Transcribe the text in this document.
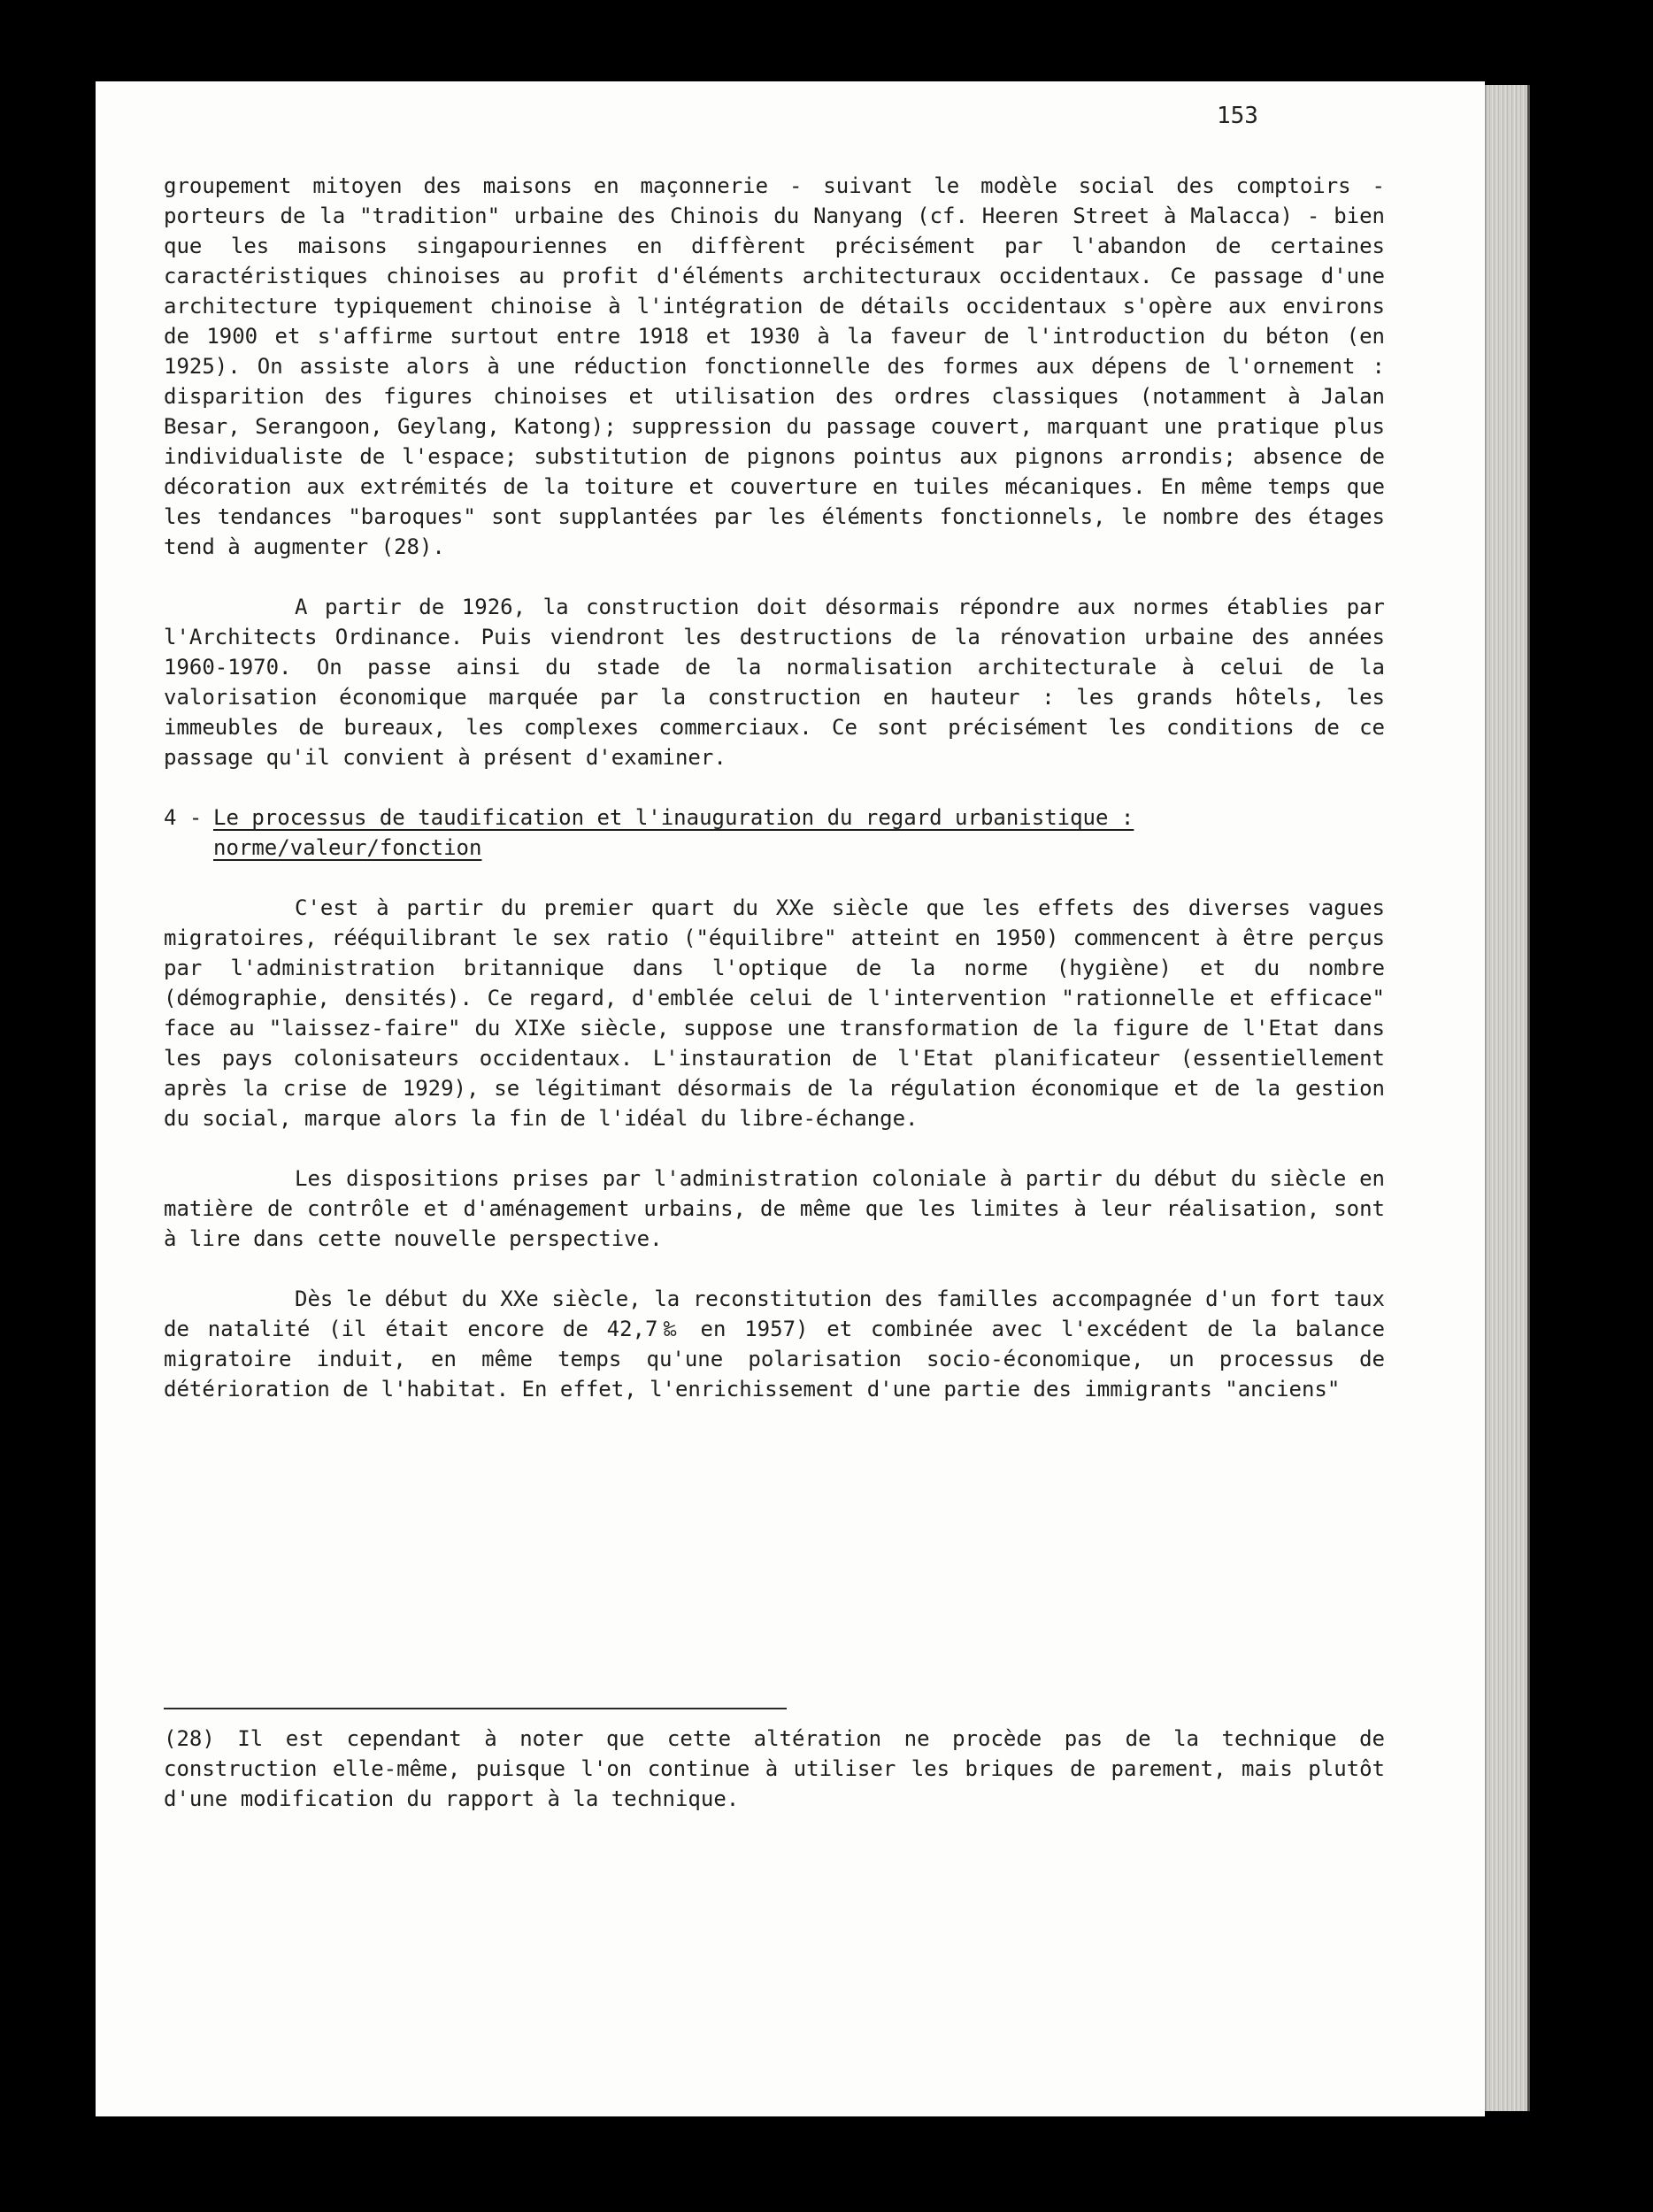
153

groupement mitoyen des maisons en maçonnerie - suivant le modèle social des comptoirs - porteurs de la "tradition" urbaine des Chinois du Nanyang (cf. Heeren Street à Malacca) - bien que les maisons singapouriennes en diffèrent précisément par l'abandon de certaines caractéristiques chinoises au profit d'éléments architecturaux occidentaux. Ce passage d'une architecture typiquement chinoise à l'intégration de détails occidentaux s'opère aux environs de 1900 et s'affirme surtout entre 1918 et 1930 à la faveur de l'introduction du béton (en 1925). On assiste alors à une réduction fonctionnelle des formes aux dépens de l'ornement : disparition des figures chinoises et utilisation des ordres classiques (notamment à Jalan Besar, Serangoon, Geylang, Katong); suppression du passage couvert, marquant une pratique plus individualiste de l'espace; substitution de pignons pointus aux pignons arrondis; absence de décoration aux extrémités de la toiture et couverture en tuiles mécaniques. En même temps que les tendances "baroques" sont supplantées par les éléments fonctionnels, le nombre des étages tend à augmenter (28).

A partir de 1926, la construction doit désormais répondre aux normes établies par l'Architects Ordinance. Puis viendront les destructions de la rénovation urbaine des années 1960-1970. On passe ainsi du stade de la normalisation architecturale à celui de la valorisation économique marquée par la construction en hauteur : les grands hôtels, les immeubles de bureaux, les complexes commerciaux. Ce sont précisément les conditions de ce passage qu'il convient à présent d'examiner.

4 - Le processus de taudification et l'inauguration du regard urbanistique : norme/valeur/fonction

C'est à partir du premier quart du XXe siècle que les effets des diverses vagues migratoires, rééquilibrant le sex ratio ("équilibre" atteint en 1950) commencent à être perçus par l'administration britannique dans l'optique de la norme (hygiène) et du nombre (démographie, densités). Ce regard, d'emblée celui de l'intervention "rationnelle et efficace" face au "laissez-faire" du XIXe siècle, suppose une transformation de la figure de l'Etat dans les pays colonisateurs occidentaux. L'instauration de l'Etat planificateur (essentiellement après la crise de 1929), se légitimant désormais de la régulation économique et de la gestion du social, marque alors la fin de l'idéal du libre-échange.

Les dispositions prises par l'administration coloniale à partir du début du siècle en matière de contrôle et d'aménagement urbains, de même que les limites à leur réalisation, sont à lire dans cette nouvelle perspective.

Dès le début du XXe siècle, la reconstitution des familles accompagnée d'un fort taux de natalité (il était encore de 42,7‰ en 1957) et combinée avec l'excédent de la balance migratoire induit, en même temps qu'une polarisation socio-économique, un processus de détérioration de l'habitat. En effet, l'enrichissement d'une partie des immigrants "anciens"

(28) Il est cependant à noter que cette altération ne procède pas de la technique de construction elle-même, puisque l'on continue à utiliser les briques de parement, mais plutôt d'une modification du rapport à la technique.
